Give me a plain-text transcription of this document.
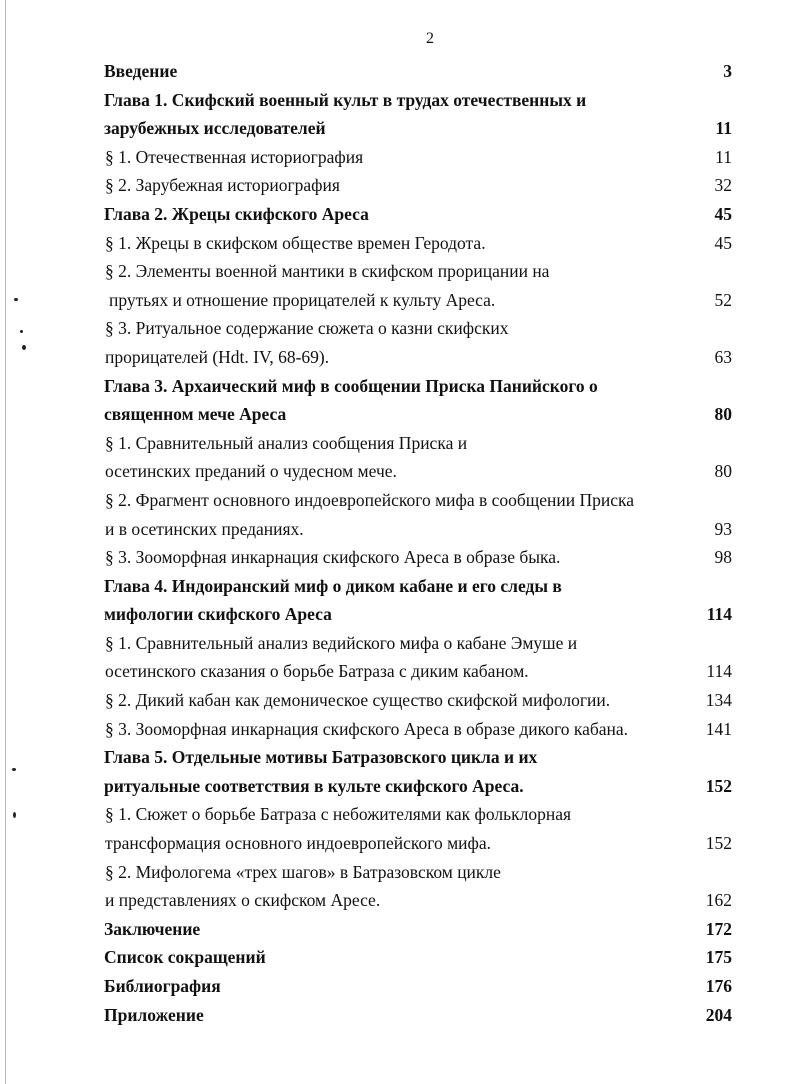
2
Введение	3
Глава 1. Скифский военный культ в трудах отечественных и
зарубежных исследователей	11
§ 1. Отечественная историография	11
§ 2. Зарубежная историография	32
Глава 2. Жрецы скифского Ареса	45
§ 1. Жрецы в скифском обществе времен Геродота.	45
§ 2. Элементы военной мантики в скифском прорицании на
прутьях и отношение прорицателей к культу Ареса.	52
§ 3. Ритуальное содержание сюжета о казни скифских
прорицателей (Hdt. IV, 68-69).	63
Глава 3. Архаический миф в сообщении Приска Панийского о
священном мече Ареса	80
§ 1. Сравнительный анализ сообщения Приска и
осетинских преданий о чудесном мече.	80
§ 2. Фрагмент основного индоевропейского мифа в сообщении Приска
и в осетинских преданиях.	93
§ 3. Зооморфная инкарнация скифского Ареса в образе быка.	98
Глава 4. Индоиранский миф о диком кабане и его следы в
мифологии скифского Ареса	114
§ 1. Сравнительный анализ ведийского мифа о кабане Эмуше и
осетинского сказания о борьбе Батраза с диким кабаном.	114
§ 2. Дикий кабан как демоническое существо скифской мифологии.	134
§ 3. Зооморфная инкарнация скифского Ареса в образе дикого кабана.	141
Глава 5. Отдельные мотивы Батразовского цикла и их
ритуальные соответствия в культе скифского Ареса.	152
§ 1. Сюжет о борьбе Батраза с небожителями как фольклорная
трансформация основного индоевропейского мифа.	152
§ 2. Мифологема «трех шагов» в Батразовском цикле
и представлениях о скифском Аресе.	162
Заключение	172
Список сокращений	175
Библиография	176
Приложение	204
